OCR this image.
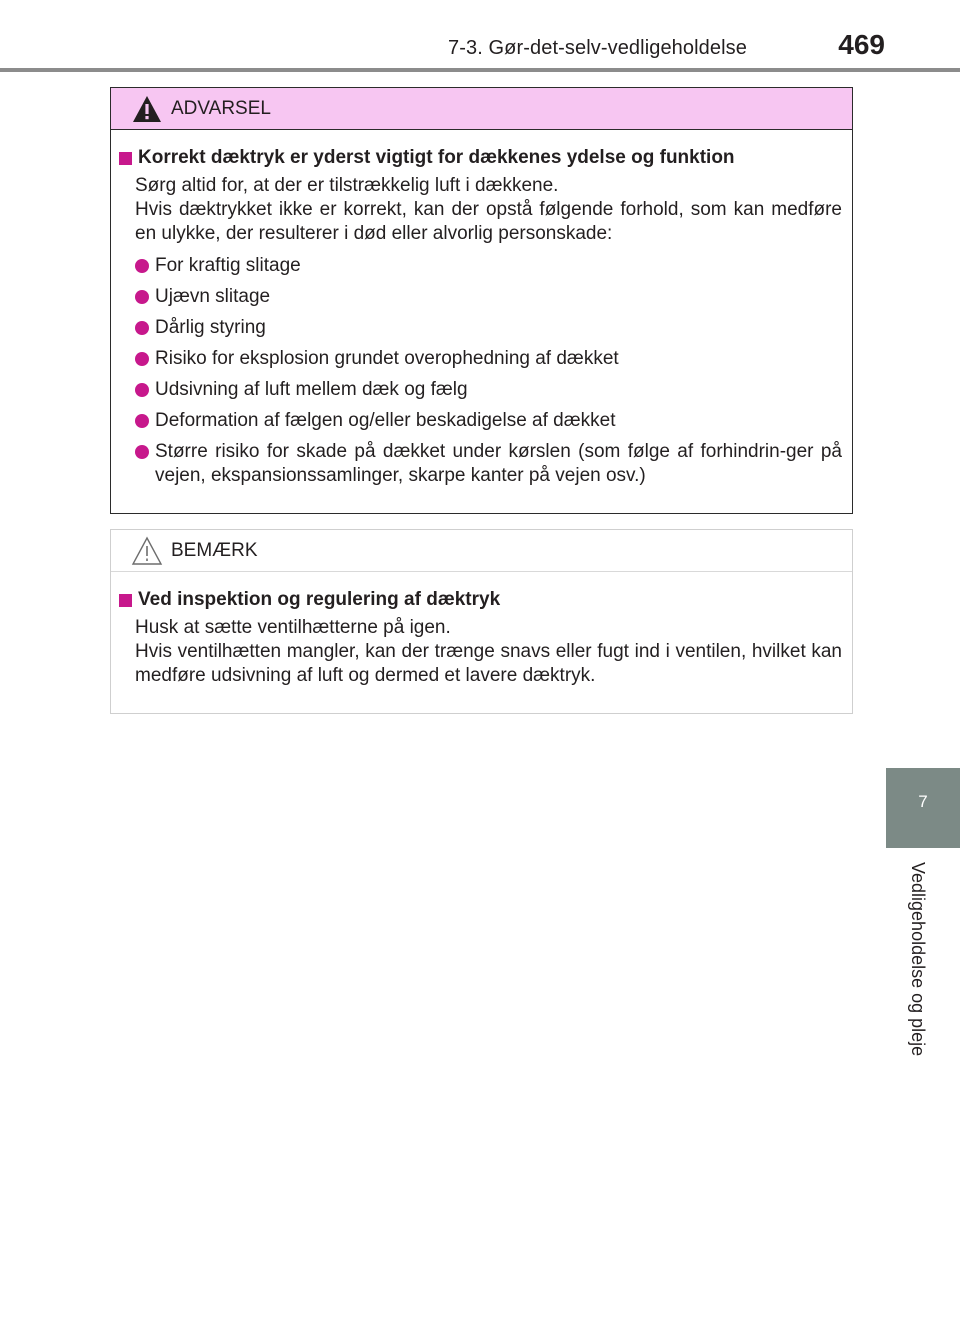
7-3. Gør-det-selv-vedligeholdelse	469
7
Vedligeholdelse og pleje
ADVARSEL
Korrekt dæktryk er yderst vigtigt for dækkenes ydelse og funktion
Sørg altid for, at der er tilstrækkelig luft i dækkene.
Hvis dæktrykket ikke er korrekt, kan der opstå følgende forhold, som kan medføre en ulykke, der resulterer i død eller alvorlig personskade:
For kraftig slitage
Ujævn slitage
Dårlig styring
Risiko for eksplosion grundet overophedning af dækket
Udsivning af luft mellem dæk og fælg
Deformation af fælgen og/eller beskadigelse af dækket
Større risiko for skade på dækket under kørslen (som følge af forhindrin-ger på vejen, ekspansionssamlinger, skarpe kanter på vejen osv.)
BEMÆRK
Ved inspektion og regulering af dæktryk
Husk at sætte ventilhætterne på igen.
Hvis ventilhætten mangler, kan der trænge snavs eller fugt ind i ventilen, hvilket kan medføre udsivning af luft og dermed et lavere dæktryk.
